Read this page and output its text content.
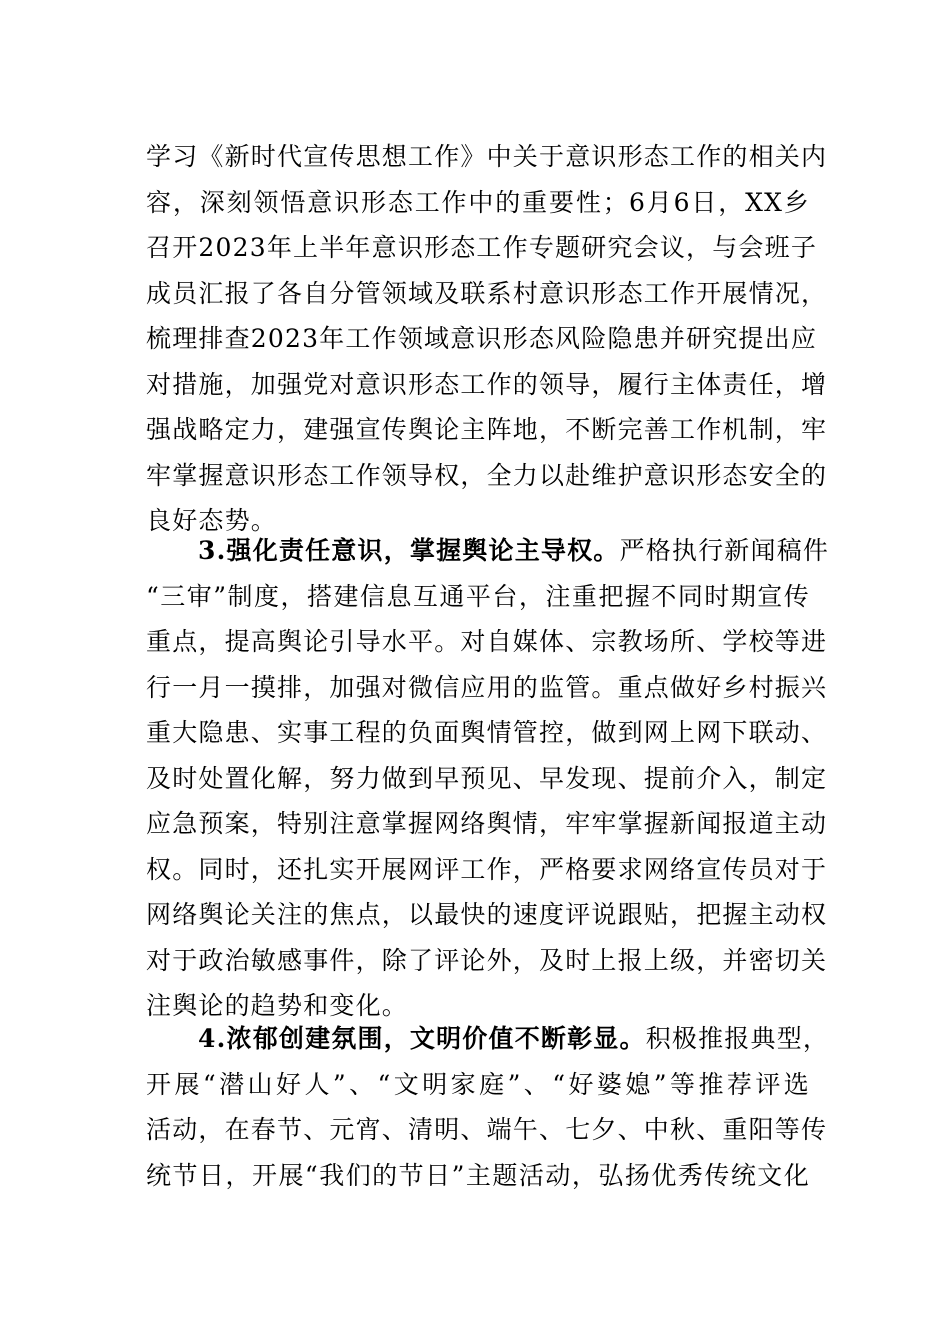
学习《新时代宣传思想工作》中关于意识形态工作的相关内
容，深刻领悟意识形态工作中的重要性；6月6日，XX乡
召开2023年上半年意识形态工作专题研究会议，与会班子
成员汇报了各自分管领域及联系村意识形态工作开展情况，
梳理排查2023年工作领域意识形态风险隐患并研究提出应
对措施，加强党对意识形态工作的领导，履行主体责任，增
强战略定力，建强宣传舆论主阵地，不断完善工作机制，牢
牢掌握意识形态工作领导权，全力以赴维护意识形态安全的
良好态势。
3.强化责任意识，掌握舆论主导权。严格执行新闻稿件
“三审”制度，搭建信息互通平台，注重把握不同时期宣传
重点，提高舆论引导水平。对自媒体、宗教场所、学校等进
行一月一摸排，加强对微信应用的监管。重点做好乡村振兴
重大隐患、实事工程的负面舆情管控，做到网上网下联动、
及时处置化解，努力做到早预见、早发现、提前介入，制定
应急预案，特别注意掌握网络舆情，牢牢掌握新闻报道主动
权。同时，还扎实开展网评工作，严格要求网络宣传员对于
网络舆论关注的焦点，以最快的速度评说跟贴，把握主动权
对于政治敏感事件，除了评论外，及时上报上级，并密切关
注舆论的趋势和变化。
4.浓郁创建氛围，文明价值不断彰显。积极推报典型，
开展“潜山好人”、“文明家庭”、“好婆媳”等推荐评选
活动，在春节、元宵、清明、端午、七夕、中秋、重阳等传
统节日，开展“我们的节日”主题活动，弘扬优秀传统文化
